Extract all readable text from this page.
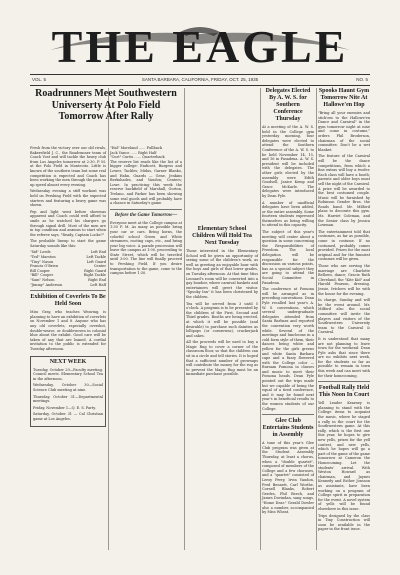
THE EAGLE
VOL. 5	SANTA BARBARA, CALIFORNIA, FRIDAY, OCT. 25, 1935	NO. 5
Roadrunners Meet Southwestern Universerty At Polo Field Tomorrow After Rally

Fresh from the victory over our old rivals, Bakersfield J. C., the Roadrunner team of Coach Vost and will tackle the heavy club from Los Angeles tomorrow at 2:30. P. M. at the Polo Field in Montecito. Little is known of the southern team but some real competition is expected and Coach has been working the men through the pain so up speed almost every evening.

Wednesday evening a stiff workout was held on Pershing Field with the expected starters and featuring a heavy game was shown.

Pep and light went before showwas apparent and Coach could well afford to smile as he watched his chargers go through signal drill. Most of the men are in top condition and anxious to start when the referee says, "Ready, Captain Locke?"

The probable lineup to start the game Saturday sounds like this:

"Sid" Leeds	Left End
"Ted" Marston	Left Tackle
"Tiny" Nason	Left Guard
Francis O'Brien	Center
Bill Cooper	Right Guard
"Bill" Cooper	Right Tackle
"Sam" Nelson	Right End
"Jimmy" Anderson	Left Half
Exhibition of Coverlets To Be Held Soon

Miss Gray, who teaches Weaving, is planning to have an exhibition of coverlets on November 1 and 8. Anyone who has any old coverlets, especially overshot, double-weave, or doublewoven in colonial blue about the exhibit. Good care will be taken of any that are loaned. A cordial invitation to the public is extended for Tuesday afternoon.

NEXT WEEK

Tuesday, October 29—Faculty meeting. Council meets. Elementary School Tea in the afternoon.

Wednesday, October 30—Social Science Club meeting at nine.

Thursday, October 31—Departmental meetings.

Friday, November 1—Q. E. S. Party.

Saturday, October 31 — Cal Christian game at Los Angeles.

"Hal" Moreland ...... Fullback

Jack Vance ...... Right Half

"Curt" Curtis ...... Quarterback

The reserve list reads like the list of a bigger college: Endicott, Burgess and Lower, Tackles; Midas, Garner Blanko, and Hahn, Guards — Gene, Jenkins Berkshades, and Vaudon; Centers; Lowe. In practicing this week the reserve backfield of Marshall, Gorton, Trelano, and Parker has been showing some real goods and will probably have a chance in Saturday's game.

Before the Game Tomorrow—

Everyone meet at the College campus at 1:30 P. M. As many as possible bring your car or cars. Bring horns, the colorful school Green and White streamers, rooting caps, etc., and bring your big voice. A parade procession will leave the campus at 1:00, proceeding to State Street, which will be traveled until 3:00. The line will finally proceed to Pershing Field. If you desire transportation to the game, come to the campus before 1:30.

Elementary School Children Will Hold Tea Next Tuesday

Those interested in the Elementary School will be given an opportunity of seeing some of the children's work, as well as greeting an enjoyable hour with the boys and girls of that lower grades, on Tuesday afternoon. At that time Miss Leonard's room will be converted into a gay boudoir, where carnival baskets and entertainers will greet the visitor. "Spooky Inn" it has been christened by the children.

Tea will be served from 3 until 5 o'clock. A program is to be presented by the children of the First, Second and Third grades. Booths are being erected, at which it will be possible (and desirable) to purchase such dainties as lollipops (or cornrowns), crackerjack and cakes.

All the proceeds will be used to buy a Magic Rug to cover a corner of the classroom floor, so that the children can sit in a circle and tell stories. It is hoped that a sufficient number of grownups will contribute the money for the rug as to prevent the Magic Rug must be an immediate purchase possible.

Delegates Elected By A. W. S. for Southern Conference Thursday

At a meeting of the A. W. S. held in the College gym yesterday morning, four delegates were elected to attend the Southern Conference of the A. W. S. to be held November 14, 15, and 16 in Pasadena. A. W. S. president will be included with the delegates. The other girls elected by the assembly were Edith Goodsell, Janice Kemp and Grace McKarle. The delegates were introduced by Dean Pyle.

A number of unofficial delegates have been added, or the entire assembly. Some fourteen students expressed themselves as being willing to attend in this capacity.

The subject of this year's meeting will center about a question in some concerning the Responsibilities of Freedom. The local delegation will be responsible for the discussion on various points, has as a special subject they are going to attend the Social Committee in Pasadena.

The conference at Pomona will be arranged as in preceding conventions. Dean Pyle recalled last year's A. W. S. conventions, which several undergraduate delegates attended from Santa Barbara and reported the convention very worth while. Several of the meetings and luncheons in a cold form style of them, their dances being white and yellow for the girls greens and white Santa Barbara cape and a fuzzy flowered with the College color — Burnam Pomona in classes and music to meet their Pomona heads. Dean Pyle pointed out the trips made but we capable of being the equal of a tired conference, and it may be found next year's in beneficial results to the women students of our College.

Glee Club Entertains Students in Assembly

A tune of this year's Glee Club program was given at the Student Assembly Thursday, at least a chorus, when a "double quartet", composed of members of the College and a few choruses, and a "quartet" consisted of Leroy Perry, Irvin Vaudon, Fred Bennett, Carl Worthe, Cornell Blanks, Robert Gerdes, Phil Beech, and James Dovindan, sang songs, "Home Dear." Gerald Dowler also a number, accompanied by Miss Wheat.

Spooks Haunt Gym Tomorrow Nite At Hallowe'en Hop

"Bring all your enemies and stick'em to the Hallowe'en Dance and Carnival" in the gym tomorrow night at nine and come in costume," orders Phil Broderson, chairman of the social committee. Don't be a wet blanket.

The feature of the Carnival will be the dance competitions, from which a fine extras will buy a twofer. Each class will have a booth; parents and older boys must sell the night of the Carnival. A prize will be awarded to the best costumed couple. Music will be furnished by Robinson Gender Bros. the Roads band. Mr. Milford plans to decorate this gym. Ms. Harriet Coleman, and the Senior class by Jessica Lowman.

The entertainment told that costumes, as far as possible, come in costume. If no costumed, probably comes provided. Prizes for the most original and for the funniest costumes will be given.

Those who are serving the marriage are Charlotte Bellows, dance; Gracie Ruth Cleveland, the "Kite Kid" and Harold Pearson, dressing. Jessie, fetchers will be with the house for the evening.

In charge, Sunday and will be the event around. Mr. Milford also the social committee will invite the players and visitors of the Southwestern University team to the Carnival & Carnival.

It is understood that many are not planning to leave town for the weekend. Dean Pyle asks that since there are no exhibits next week, for the students so far as possible to remain in town this week and can meet with for their homecoming.

Football Rally Held This Noon In Court

Yell Leader Kearney is planning to stand with the College items to acquaint the music, where he staged a rally in the court for the Southwestern game. At this rally, which is the first one this year, he hopes to give new yells, prizes for the yell contest, and new yells, which he hopes will go a part of the game of the game tomorrow at Cameron the Homecoming. Let the students' arrival. With Weston Howard as chairman, and Jaynes Kennedy and Esther Jonsson as assistants, have been working on a program of College spirit in preparation for the event. A novel system of yells will be found elsewhere in this issue.

Trips designed by the class in Tiny Construction will soon be available in the paper in the front issue.
